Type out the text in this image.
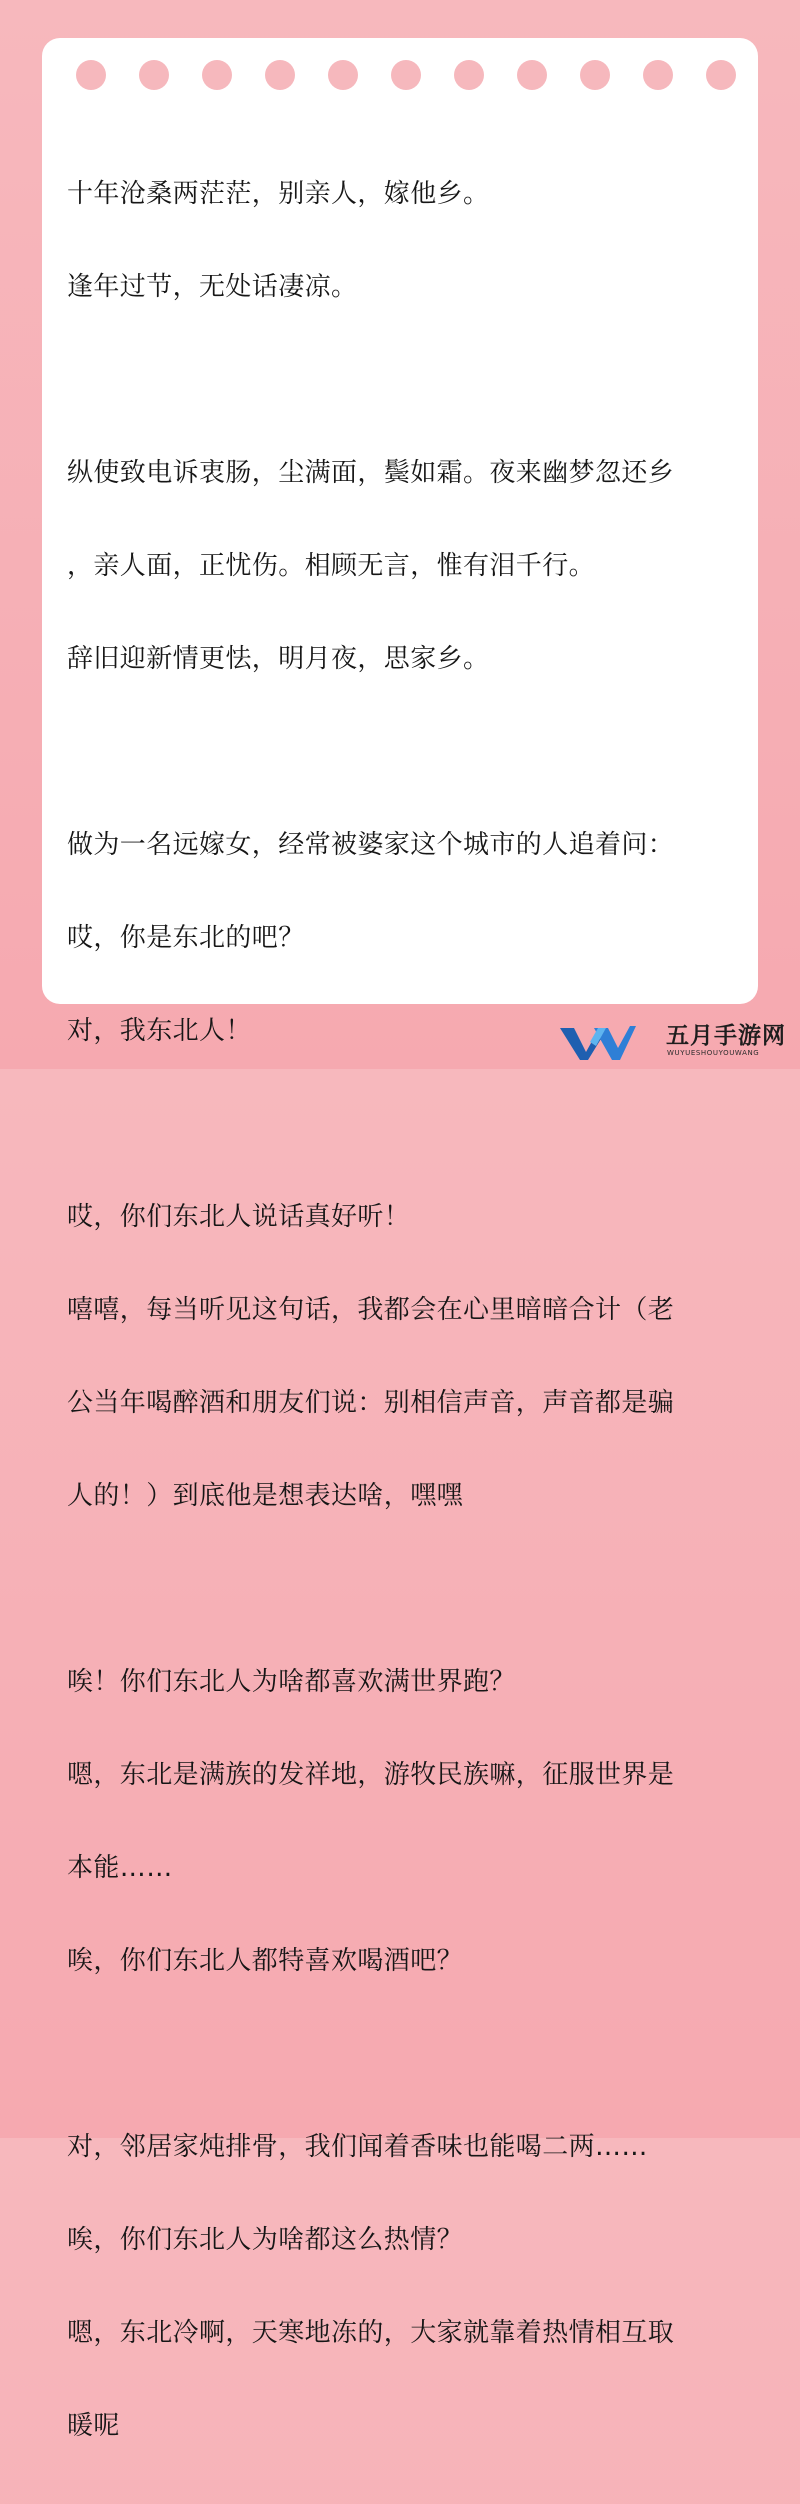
十年沧桑两茫茫，别亲人，嫁他乡。

逢年过节，无处话凄凉。

纵使致电诉衷肠，尘满面，鬓如霜。夜来幽梦忽还乡

，亲人面，正忧伤。相顾无言，惟有泪千行。

辞旧迎新情更怯，明月夜，思家乡。

做为一名远嫁女，经常被婆家这个城市的人追着问：

哎，你是东北的吧？

对，我东北人！

哎，你们东北人说话真好听！

嘻嘻，每当听见这句话，我都会在心里暗暗合计（老

公当年喝醉酒和朋友们说：别相信声音，声音都是骗

人的！）到底他是想表达啥，嘿嘿

唉！你们东北人为啥都喜欢满世界跑？

嗯，东北是满族的发祥地，游牧民族嘛，征服世界是

本能……

唉，你们东北人都特喜欢喝酒吧？

对，邻居家炖排骨，我们闻着香味也能喝二两……

唉，你们东北人为啥都这么热情？

嗯，东北冷啊，天寒地冻的，大家就靠着热情相互取

暖呢

五月手游网
WUYUESHOUYOUWANG
